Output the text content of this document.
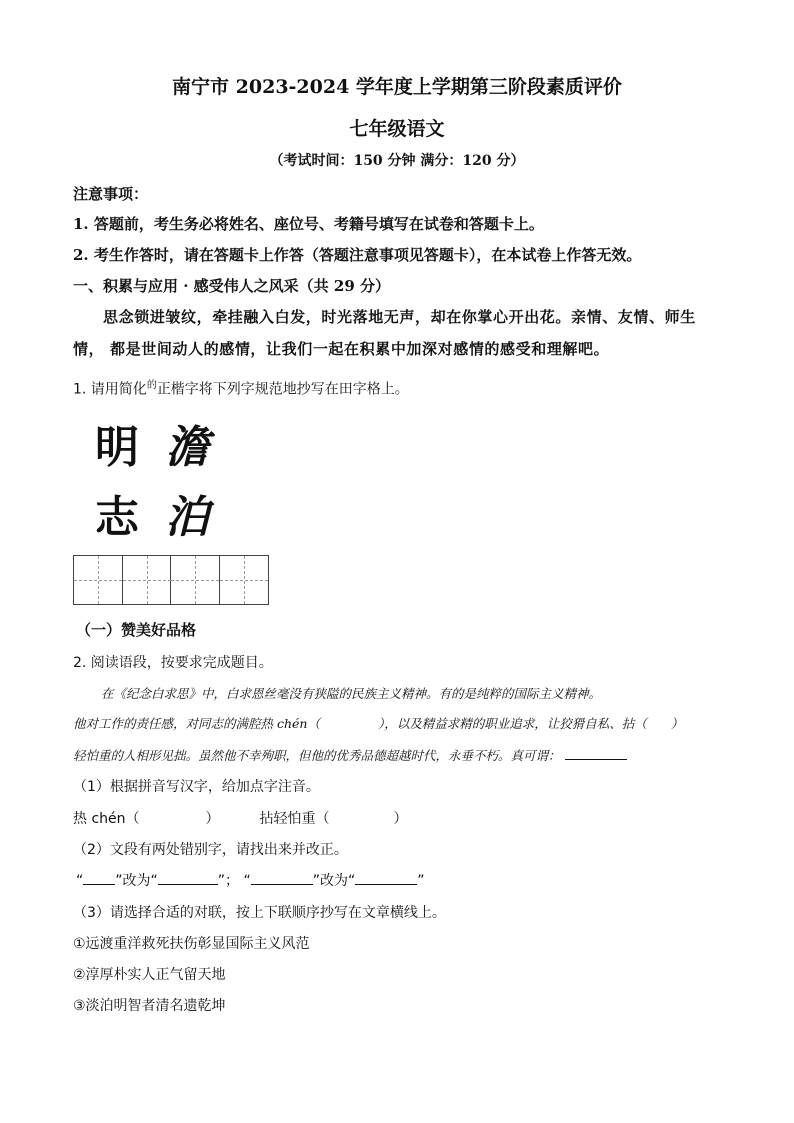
南宁市 2023-2024 学年度上学期第三阶段素质评价
七年级语文
（考试时间：150 分钟 满分：120 分）
注意事项：
1. 答题前，考生务必将姓名、座位号、考籍号填写在试卷和答题卡上。
2. 考生作答时，请在答题卡上作答（答题注意事项见答题卡），在本试卷上作答无效。
一、积累与应用 · 感受伟人之风采（共 29 分）
思念锁进皱纹，牵挂融入白发，时光落地无声，却在你掌心开出花。亲情、友情、师生
情， 都是世间动人的感情，让我们一起在积累中加深对感情的感受和理解吧。
1. 请用简化$^的$正楷字将下列字规范地抄写在田字格上。
明 澹
志 泊
（一）赞美好品格
2. 阅读语段，按要求完成题目。
在《纪念白求思》中，白求恩丝毫没有狭隘的民族主义精神。有的是纯粹的国际主义精神。
他对工作的责任感，对同志的满腔热 chén（	），以及精益求精的职业追求，让狡猾自私、拈（ ）
轻怕重的人相形见拙。虽然他不幸殉职，但他的优秀品德超越时代，永垂不朽。真可谓：
（1）根据拼音写汉字，给加点字注音。
热 chén（	）	拈轻怕重（	）
（2）文段有两处错别字，请找出来并改正。
“ ”改为“	”； “	”改为“	”
（3）请选择合适的对联，按上下联顺序抄写在文章横线上。
①远渡重洋救死扶伤彰显国际主义风范
②淳厚朴实人正气留天地
③淡泊明智者清名遗乾坤
